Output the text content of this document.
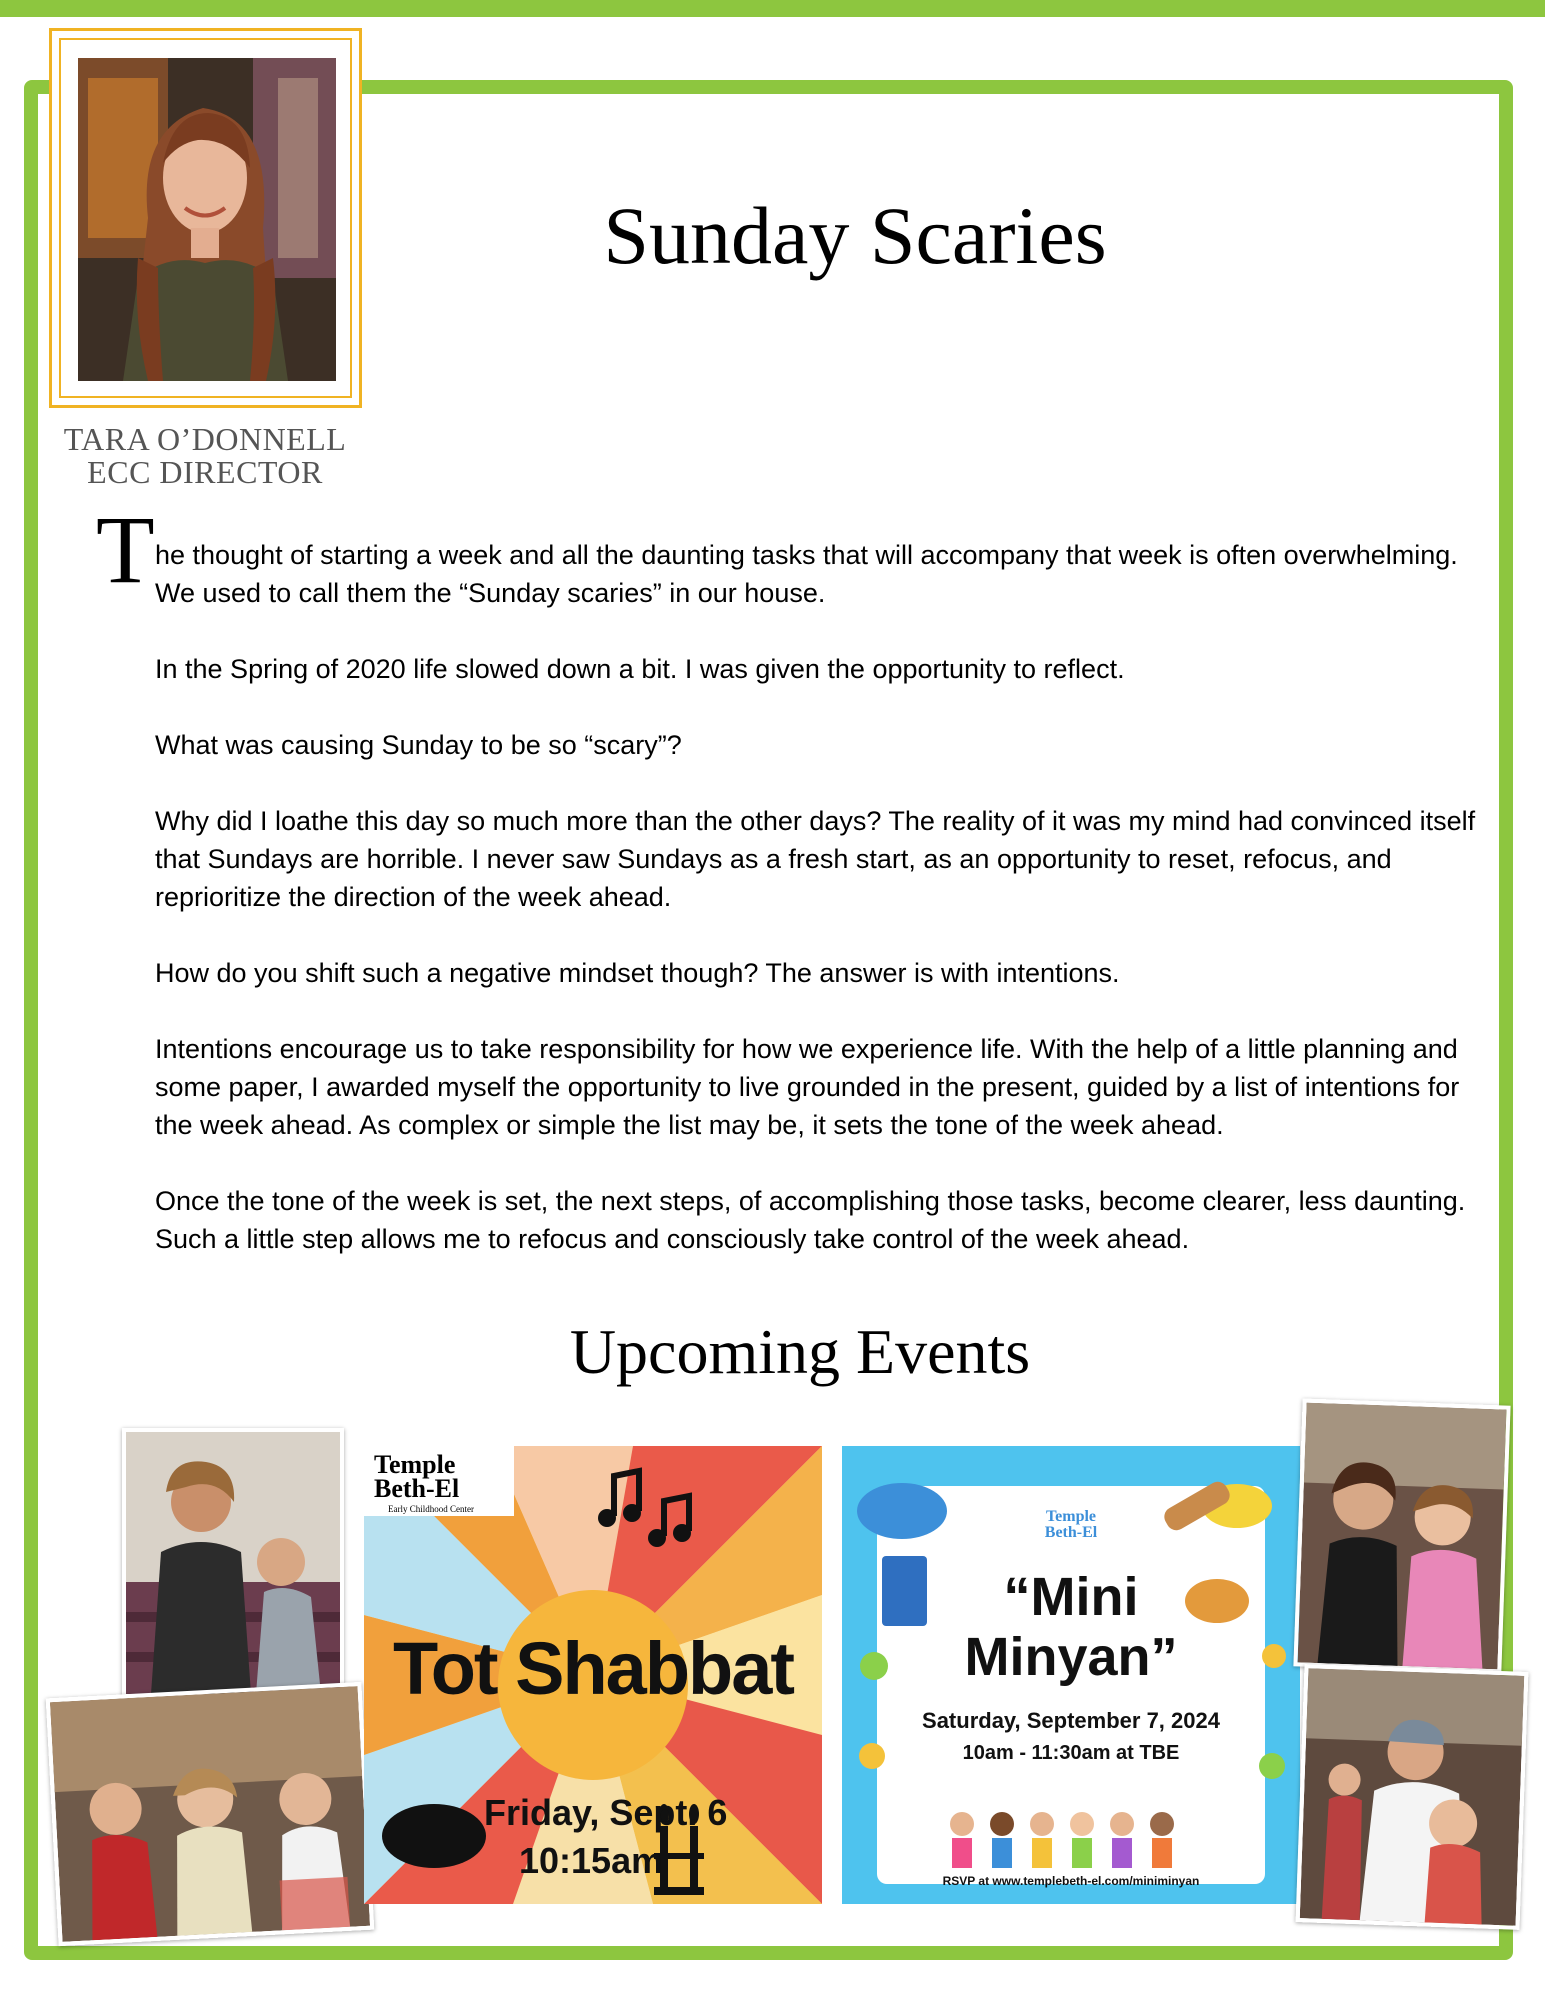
TARA O’DONNELL
ECC DIRECTOR
Sunday Scaries
T he thought of starting a week and all the daunting tasks that will accompany that week is often overwhelming. We used to call them the “Sunday scaries” in our house.

In the Spring of 2020 life slowed down a bit. I was given the opportunity to reflect.

What was causing Sunday to be so “scary”?

Why did I loathe this day so much more than the other days? The reality of it was my mind had convinced itself that Sundays are horrible. I never saw Sundays as a fresh start, as an opportunity to reset, refocus, and reprioritize the direction of the week ahead.

How do you shift such a negative mindset though? The answer is with intentions.

Intentions encourage us to take responsibility for how we experience life. With the help of a little planning and some paper, I awarded myself the opportunity to live grounded in the present, guided by a list of intentions for the week ahead. As complex or simple the list may be, it sets the tone of the week ahead.

Once the tone of the week is set, the next steps, of accomplishing those tasks, become clearer, less daunting. Such a little step allows me to refocus and consciously take control of the week ahead.

Upcoming Events
Temple
Beth-El
Early Childhood Center
Tot Shabbat
Friday, Sept. 6
10:15am
Temple
Beth-El
“Mini
Minyan”
Saturday, September 7, 2024
10am - 11:30am at TBE
RSVP at www.templebeth-el.com/miniminyan
